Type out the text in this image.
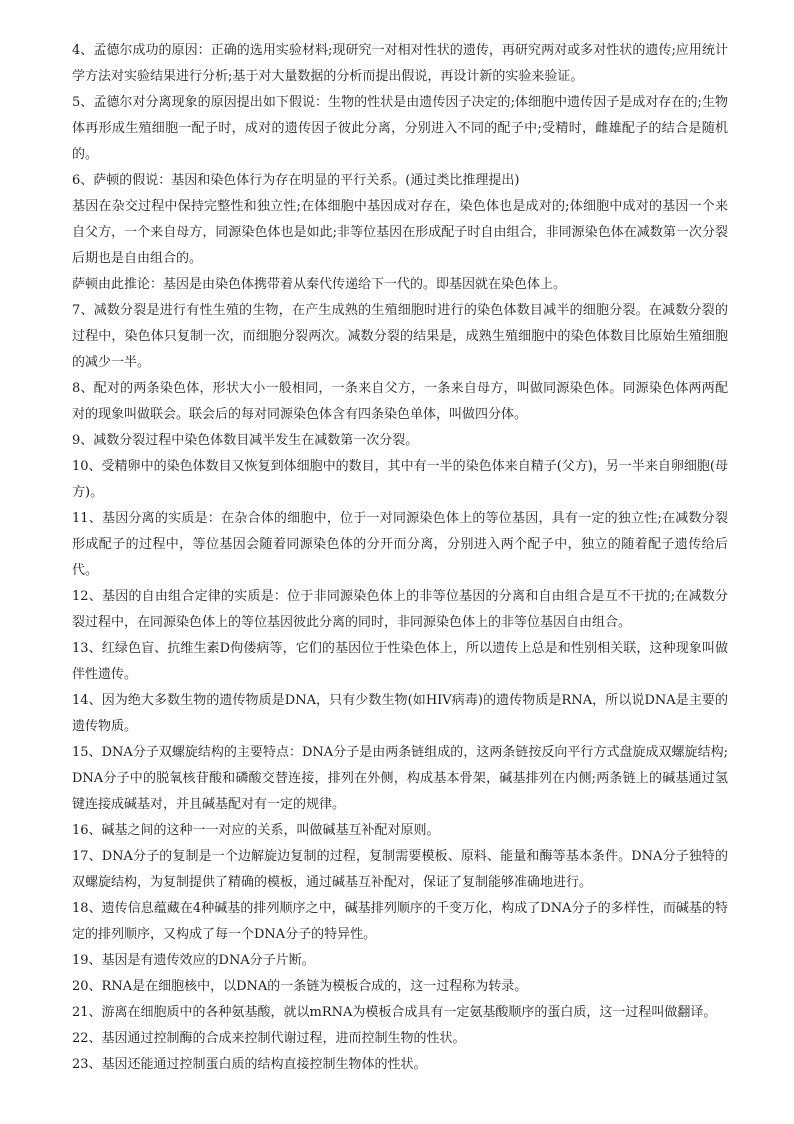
4、孟德尔成功的原因：正确的选用实验材料;现研究一对相对性状的遗传，再研究两对或多对性状的遗传;应用统计学方法对实验结果进行分析;基于对大量数据的分析而提出假说，再设计新的实验来验证。

5、孟德尔对分离现象的原因提出如下假说：生物的性状是由遗传因子决定的;体细胞中遗传因子是成对存在的;生物体再形成生殖细胞一配子时，成对的遗传因子彼此分离，分别进入不同的配子中;受精时，雌雄配子的结合是随机的。

6、萨顿的假说：基因和染色体行为存在明显的平行关系。(通过类比推理提出)

基因在杂交过程中保持完整性和独立性;在体细胞中基因成对存在，染色体也是成对的;体细胞中成对的基因一个来自父方，一个来自母方，同源染色体也是如此;非等位基因在形成配子时自由组合，非同源染色体在减数第一次分裂后期也是自由组合的。

萨顿由此推论：基因是由染色体携带着从秦代传递给下一代的。即基因就在染色体上。

7、减数分裂是进行有性生殖的生物，在产生成熟的生殖细胞时进行的染色体数目减半的细胞分裂。在减数分裂的过程中，染色体只复制一次，而细胞分裂两次。减数分裂的结果是，成熟生殖细胞中的染色体数目比原始生殖细胞的减少一半。

8、配对的两条染色体，形状大小一般相同，一条来自父方，一条来自母方，叫做同源染色体。同源染色体两两配对的现象叫做联会。联会后的每对同源染色体含有四条染色单体，叫做四分体。

9、减数分裂过程中染色体数目减半发生在减数第一次分裂。

10、受精卵中的染色体数目又恢复到体细胞中的数目，其中有一半的染色体来自精子(父方)，另一半来自卵细胞(母方)。

11、基因分离的实质是：在杂合体的细胞中，位于一对同源染色体上的等位基因，具有一定的独立性;在减数分裂形成配子的过程中，等位基因会随着同源染色体的分开而分离，分别进入两个配子中，独立的随着配子遗传给后代。

12、基因的自由组合定律的实质是：位于非同源染色体上的非等位基因的分离和自由组合是互不干扰的;在减数分裂过程中，在同源染色体上的等位基因彼此分离的同时，非同源染色体上的非等位基因自由组合。

13、红绿色盲、抗维生素D佝偻病等，它们的基因位于性染色体上，所以遗传上总是和性别相关联，这种现象叫做伴性遗传。

14、因为绝大多数生物的遗传物质是DNA，只有少数生物(如HIV病毒)的遗传物质是RNA，所以说DNA是主要的遗传物质。

15、DNA分子双螺旋结构的主要特点：DNA分子是由两条链组成的，这两条链按反向平行方式盘旋成双螺旋结构;DNA分子中的脱氧核苷酸和磷酸交替连接，排列在外侧，构成基本骨架，碱基排列在内侧;两条链上的碱基通过氢键连接成碱基对，并且碱基配对有一定的规律。

16、碱基之间的这种一一对应的关系，叫做碱基互补配对原则。

17、DNA分子的复制是一个边解旋边复制的过程，复制需要模板、原料、能量和酶等基本条件。DNA分子独特的双螺旋结构，为复制提供了精确的模板，通过碱基互补配对，保证了复制能够准确地进行。

18、遗传信息蕴藏在4种碱基的排列顺序之中，碱基排列顺序的千变万化，构成了DNA分子的多样性，而碱基的特定的排列顺序，又构成了每一个DNA分子的特异性。

19、基因是有遗传效应的DNA分子片断。

20、RNA是在细胞核中，以DNA的一条链为模板合成的，这一过程称为转录。

21、游离在细胞质中的各种氨基酸，就以mRNA为模板合成具有一定氨基酸顺序的蛋白质，这一过程叫做翻译。

22、基因通过控制酶的合成来控制代谢过程，进而控制生物的性状。

23、基因还能通过控制蛋白质的结构直接控制生物体的性状。
